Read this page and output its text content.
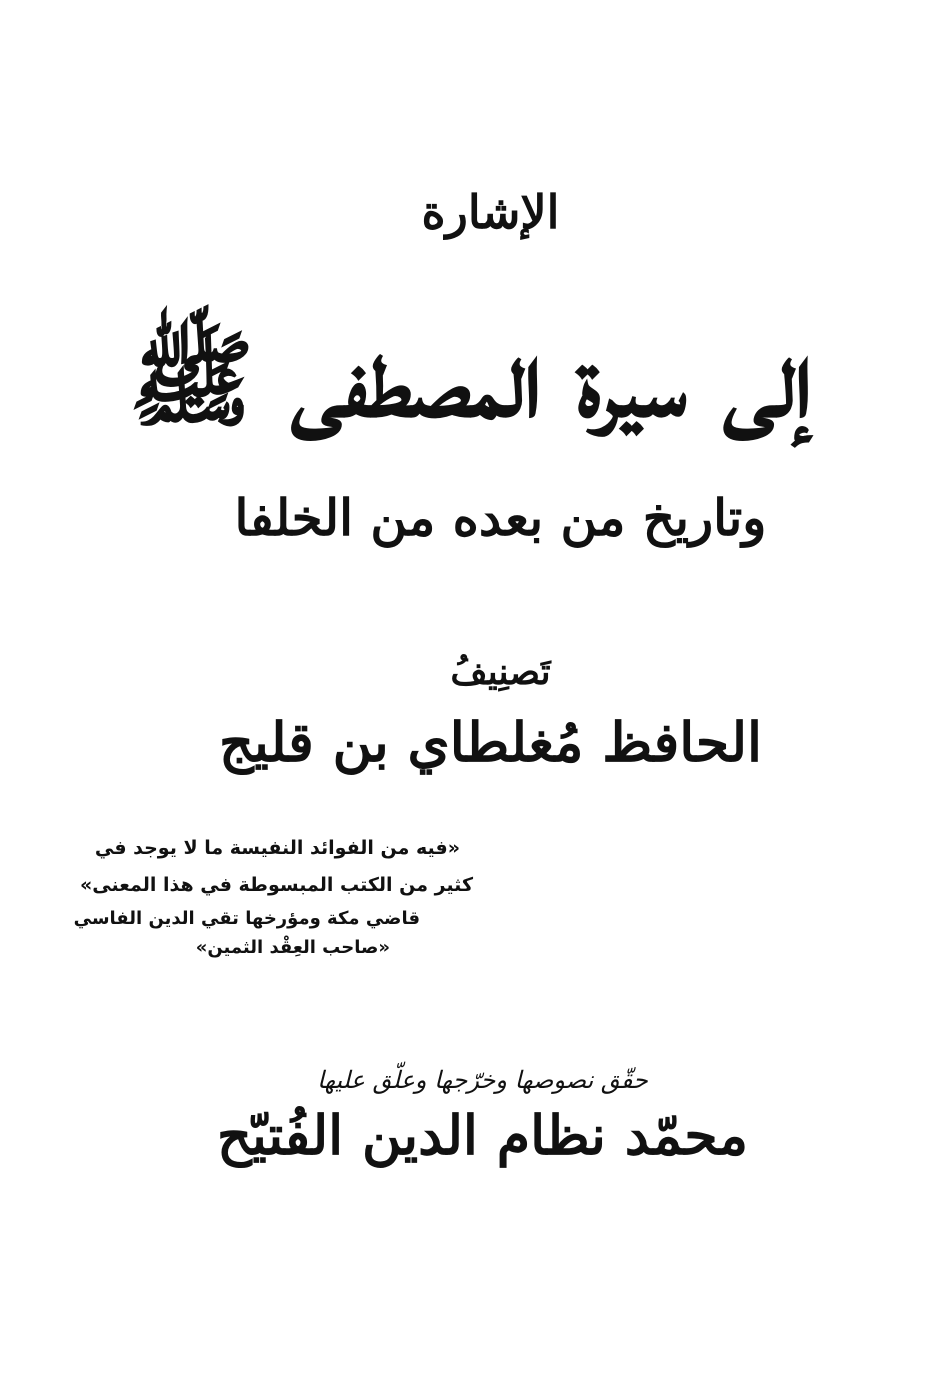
الإشارة
إلى سيرة المصطفى ﷺ
وتاريخ من بعده من الخلفا
تَصنِيفُ
الحافظ مُغلطاي بن قليج
«فيه من الفوائد النفيسة ما لا يوجد في
كثير من الكتب المبسوطة في هذا المعنى»
قاضي مكة ومؤرخها تقي الدين الفاسي
«صاحب العِقْد الثمين»
حقّق نصوصها وخرّجها وعلّق عليها
محمّد نظام الدين الفُتيّح
